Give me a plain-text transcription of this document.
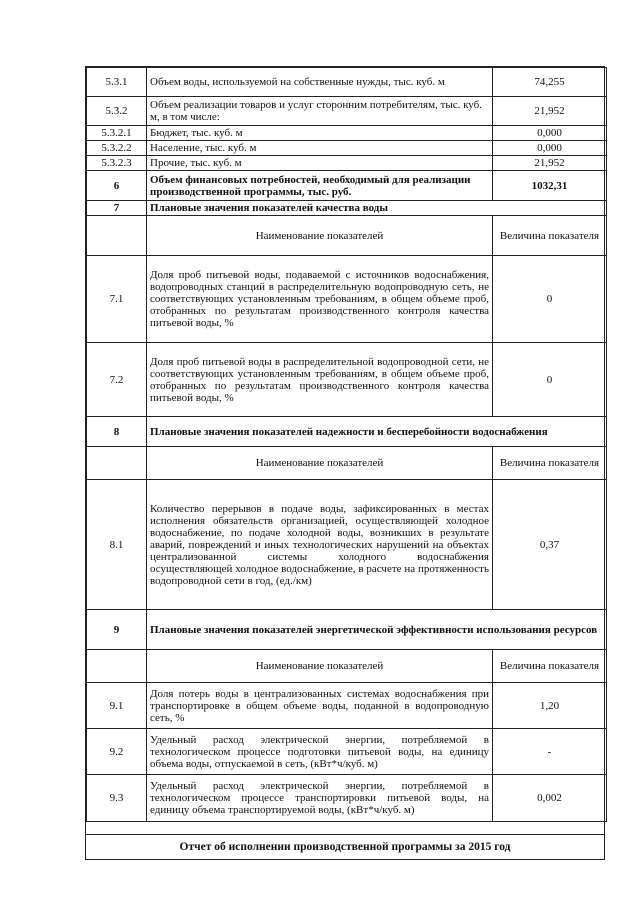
5.3.1	Объем воды, используемой на собственные нужды, тыс. куб. м	74,255
5.3.2	Объем реализации товаров и услуг сторонним потребителям, тыс. куб. м, в том числе:	21,952
5.3.2.1	Бюджет, тыс. куб. м	0,000
5.3.2.2	Население, тыс. куб. м	0,000
5.3.2.3	Прочие, тыс. куб. м	21,952
6	Объем финансовых потребностей, необходимый для реализации производственной программы, тыс. руб.	1032,31
7	Плановые значения показателей качества воды	
	Наименование показателей	Величина показателя
7.1	Доля проб питьевой воды, подаваемой с источников водоснабжения, водопроводных станций в распределительную водопроводную сеть, не соответствующих установленным требованиям, в общем объеме проб, отобранных по результатам производственного контроля качества питьевой воды, %	0
7.2	Доля проб питьевой воды в распределительной водопроводной сети, не соответствующих установленным требованиям, в общем объеме проб, отобранных по результатам производственного контроля качества питьевой воды, %	0
8	Плановые значения показателей надежности и бесперебойности водоснабжения	
	Наименование показателей	Величина показателя
8.1	Количество перерывов в подаче воды, зафиксированных в местах исполнения обязательств организацией, осуществляющей холодное водоснабжение, по подаче холодной воды, возникших в результате аварий, повреждений и иных технологических нарушений на объектах централизованной системы холодного водоснабжения осуществляющей холодное водоснабжение, в расчете на протяженность водопроводной сети в год, (ед./км)	0,37
9	Плановые значения показателей энергетической эффективности использования ресурсов	
	Наименование показателей	Величина показателя
9.1	Доля потерь воды в централизованных системах водоснабжения при транспортировке в общем объеме воды, поданной в водопроводную сеть, %	1,20
9.2	Удельный расход электрической энергии, потребляемой в технологическом процессе подготовки питьевой воды, на единицу объема воды, отпускаемой в сеть, (кВт*ч/куб. м)	-
9.3	Удельный расход электрической энергии, потребляемой в технологическом процессе транспортировки питьевой воды, на единицу объема транспортируемой воды, (кВт*ч/куб. м)	0,002
Отчет об исполнении производственной программы за 2015 год
